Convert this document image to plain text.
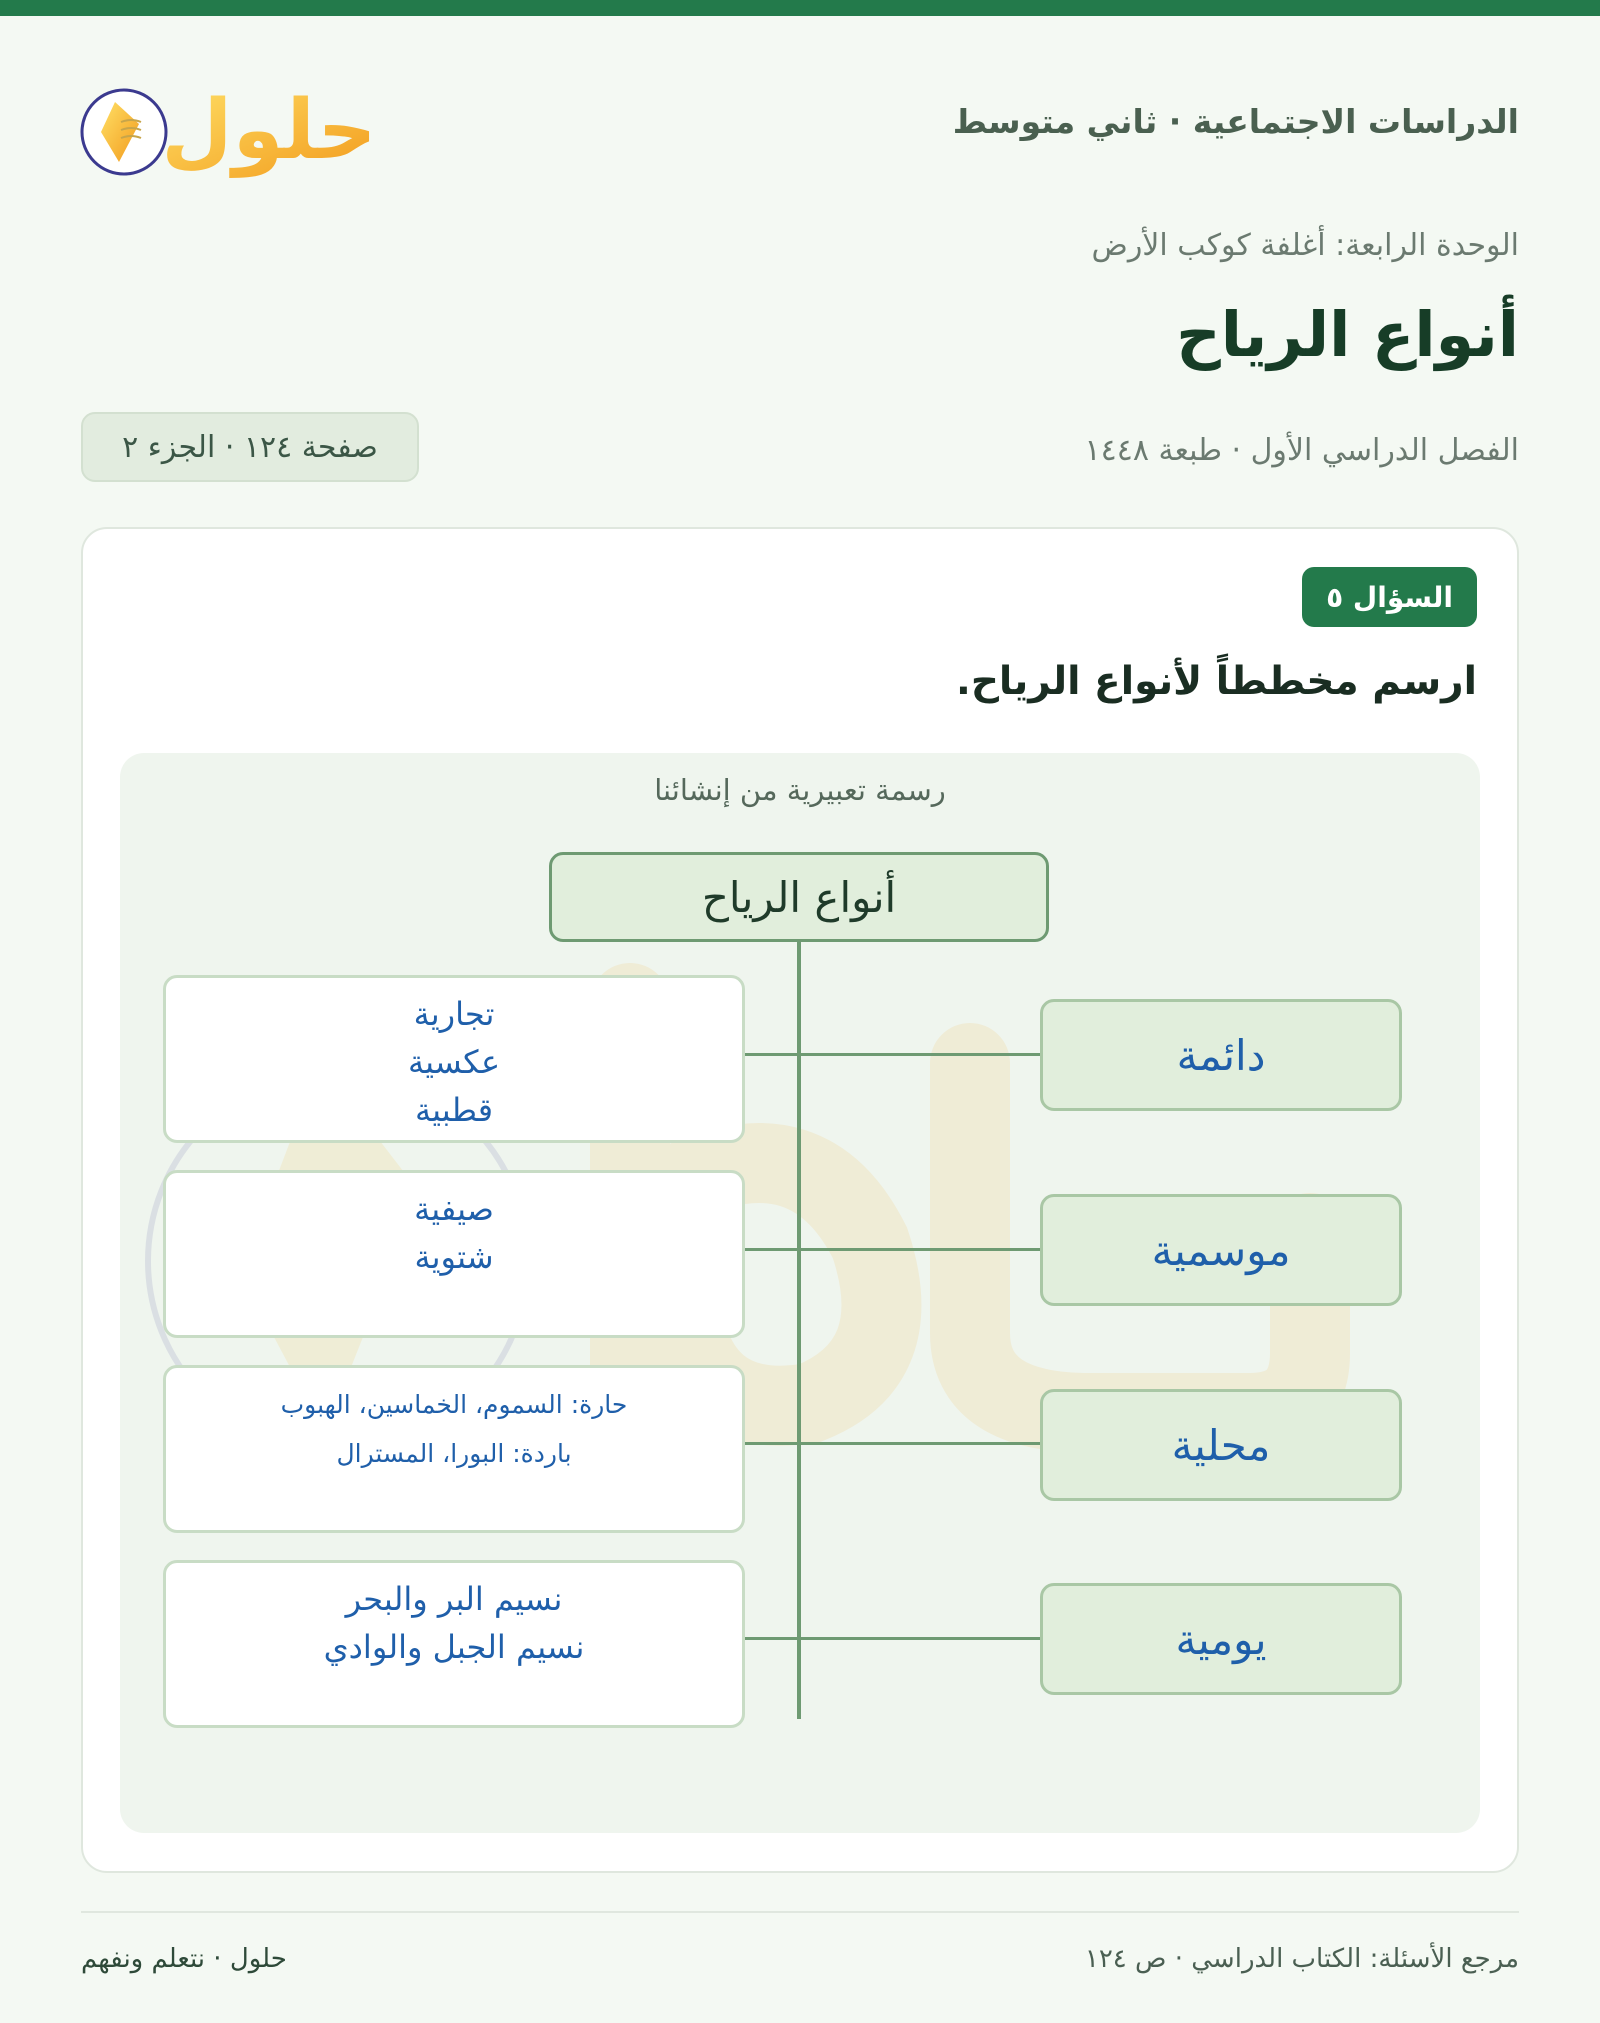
الدراسات الاجتماعية · ثاني متوسط
حلول
الوحدة الرابعة: أغلفة كوكب الأرض
أنواع الرياح
الفصل الدراسي الأول · طبعة ١٤٤٨
صفحة ١٢٤ · الجزء ٢
السؤال ٥
ارسم مخططاً لأنواع الرياح.
رسمة تعبيرية من إنشائنا
أنواع الرياح
دائمة
تجارية
عكسية
قطبية
موسمية
صيفية
شتوية
محلية
حارة: السموم، الخماسين، الهبوب
باردة: البورا، المسترال
يومية
نسيم البر والبحر
نسيم الجبل والوادي
مرجع الأسئلة: الكتاب الدراسي · ص ١٢٤
حلول · نتعلم ونفهم
